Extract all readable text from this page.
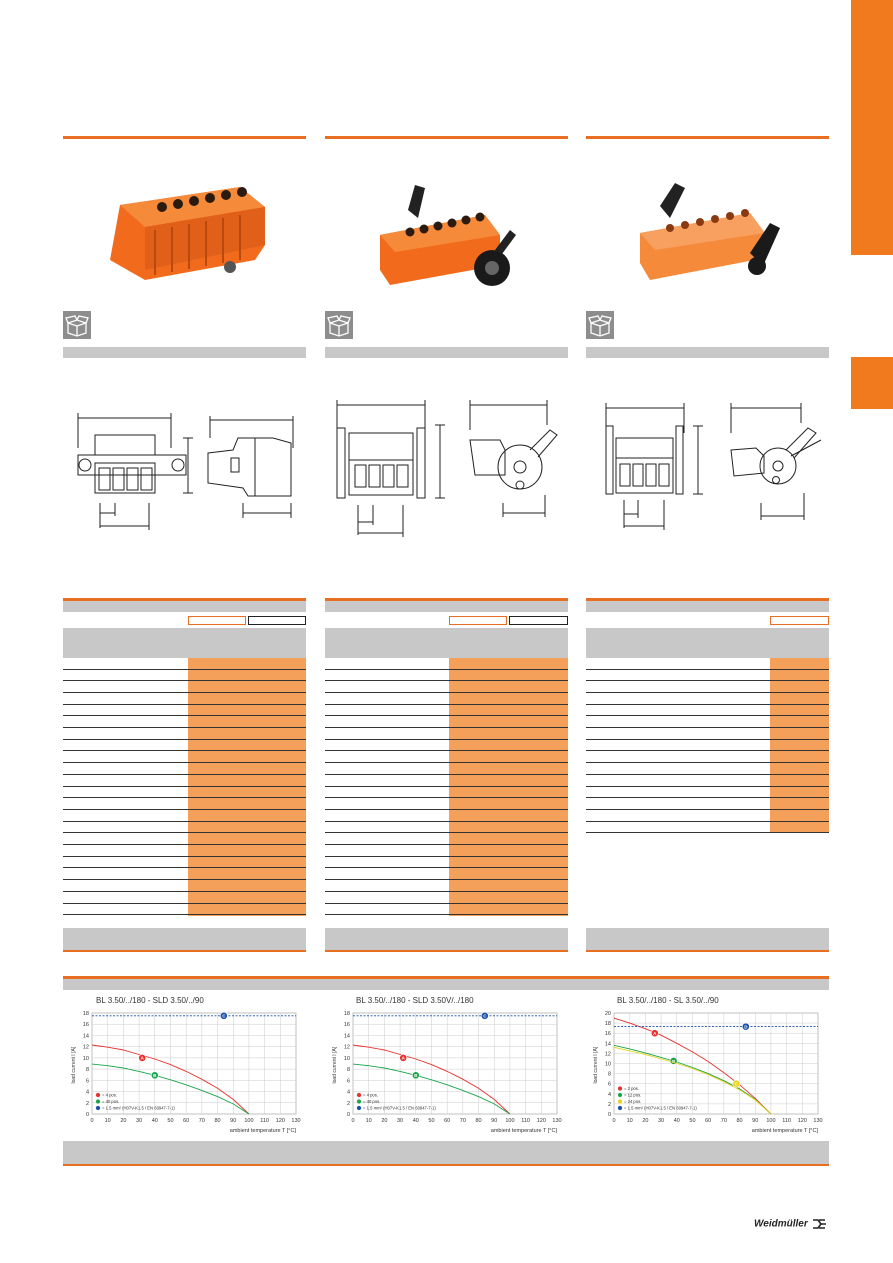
BL 3.50/../180 - SLD 3.50/../90	BL 3.50/../180 - SLD 3.50V/../180	BL 3.50/../180 - SL 3.50/../90
0 10 20 30 40 50 60 70 80 90 100 110 120 130
0
2
4
6
8
10
12
14
16
18
load current I [A]
ambient temperature T [°C]
A
B
C
= 4 pos.
= 40 pos.
= 1.5 mm² (H07V-K1.5 / EN 60947-7-1)
0 10 20 30 40 50 60 70 80 90 100 110 120 130
0
2
4
6
8
10
12
14
16
18
load current I [A]
ambient temperature T [°C]
A
B
C
= 4 pos.
= 40 pos.
= 1.5 mm² (H07V-K1.5 / EN 60947-7-1)
0 10 20 30 40 50 60 70 80 90 100 110 120 130
0
2
4
6
8
10
12
14
16
18
20
load current I [A]
ambient temperature T [°C]
A
B
C
D
= 2 pos.
= 12 pos.
= 24 pos.
= 1.5 mm² (H07V-K1.5 / EN 60947-7-1)
Weidmüller
